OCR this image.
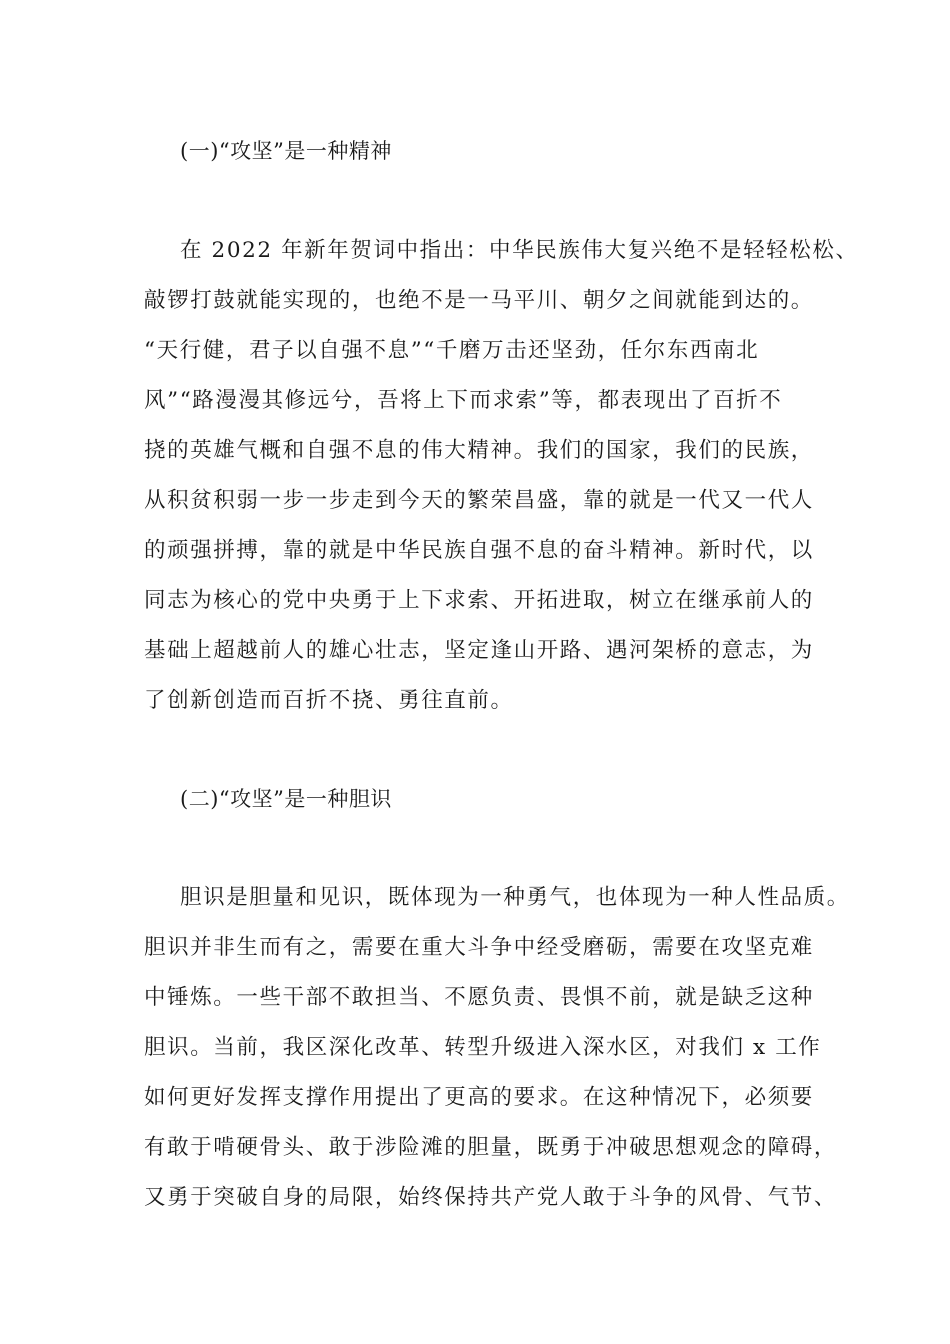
(一)“攻坚”是一种精神
在 2022 年新年贺词中指出：中华民族伟大复兴绝不是轻轻松松、
敲锣打鼓就能实现的，也绝不是一马平川、朝夕之间就能到达的。
“天行健，君子以自强不息”“千磨万击还坚劲，任尔东西南北
风”“路漫漫其修远兮，吾将上下而求索”等，都表现出了百折不
挠的英雄气概和自强不息的伟大精神。我们的国家，我们的民族，
从积贫积弱一步一步走到今天的繁荣昌盛，靠的就是一代又一代人
的顽强拼搏，靠的就是中华民族自强不息的奋斗精神。新时代，以
同志为核心的党中央勇于上下求索、开拓进取，树立在继承前人的
基础上超越前人的雄心壮志，坚定逢山开路、遇河架桥的意志，为
了创新创造而百折不挠、勇往直前。
(二)“攻坚”是一种胆识
胆识是胆量和见识，既体现为一种勇气，也体现为一种人性品质。
胆识并非生而有之，需要在重大斗争中经受磨砺，需要在攻坚克难
中锤炼。一些干部不敢担当、不愿负责、畏惧不前，就是缺乏这种
胆识。当前，我区深化改革、转型升级进入深水区，对我们 x 工作
如何更好发挥支撑作用提出了更高的要求。在这种情况下，必须要
有敢于啃硬骨头、敢于涉险滩的胆量，既勇于冲破思想观念的障碍，
又勇于突破自身的局限，始终保持共产党人敢于斗争的风骨、气节、
